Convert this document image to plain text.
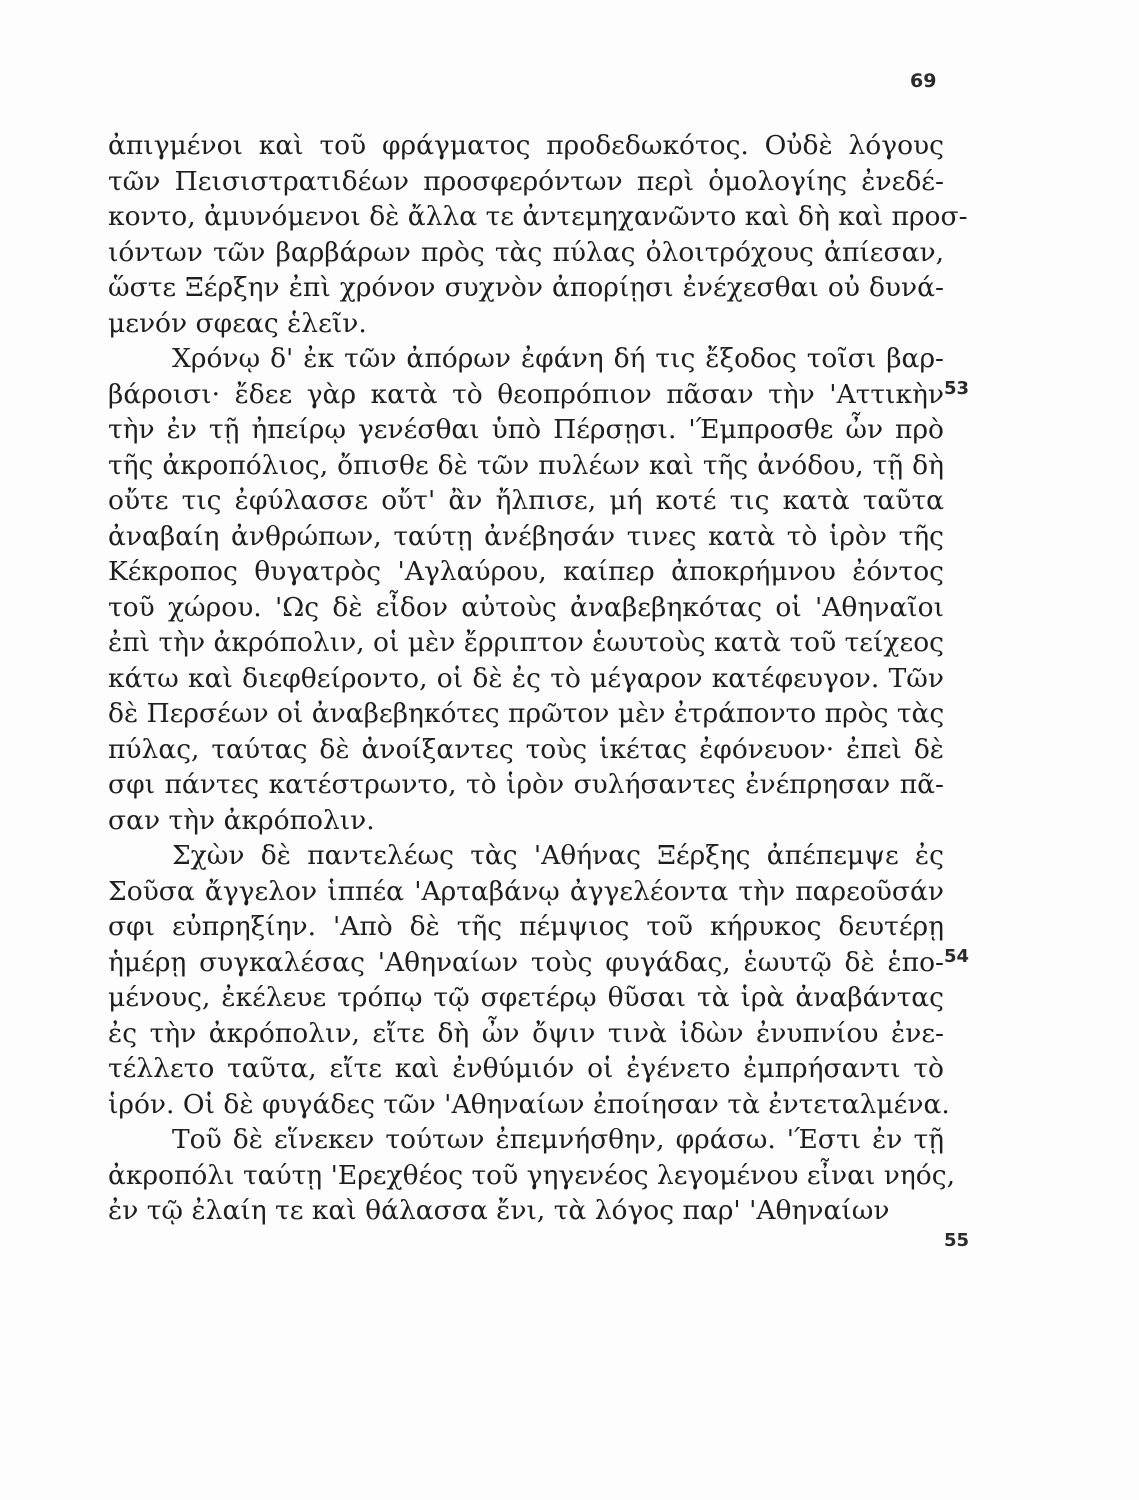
69
ἀπιγμένοι καὶ τοῦ φράγματος προδεδωκότος. Οὐδὲ λόγους
τῶν Πεισιστρατιδέων προσφερόντων περὶ ὁμολογίης ἐνεδέ-
κοντο, ἀμυνόμενοι δὲ ἄλλα τε ἀντεμηχανῶντο καὶ δὴ καὶ προσ-
ιόντων τῶν βαρβάρων πρὸς τὰς πύλας ὀλοιτρόχους ἀπίεσαν,
ὥστε Ξέρξην ἐπὶ χρόνον συχνὸν ἀπορίῃσι ἐνέχεσθαι οὐ δυνά-
μενόν σφεας ἑλεῖν.
Χρόνῳ δ' ἐκ τῶν ἀπόρων ἐφάνη δή τις ἔξοδος τοῖσι βαρ-
βάροισι· ἔδεε γὰρ κατὰ τὸ θεοπρόπιον πᾶσαν τὴν 'Αττικὴν
τὴν ἐν τῇ ἠπείρῳ γενέσθαι ὑπὸ Πέρσῃσι. 'Έμπροσθε ὦν πρὸ
τῆς ἀκροπόλιος, ὄπισθε δὲ τῶν πυλέων καὶ τῆς ἀνόδου, τῇ δὴ
οὔτε τις ἐφύλασσε οὔτ' ἂν ἤλπισε, μή κοτέ τις κατὰ ταῦτα
ἀναβαίη ἀνθρώπων, ταύτῃ ἀνέβησάν τινες κατὰ τὸ ἱρὸν τῆς
Κέκροπος θυγατρὸς 'Αγλαύρου, καίπερ ἀποκρήμνου ἐόντος
τοῦ χώρου. 'Ως δὲ εἶδον αὐτοὺς ἀναβεβηκότας οἱ 'Αθηναῖοι
ἐπὶ τὴν ἀκρόπολιν, οἱ μὲν ἔρριπτον ἑωυτοὺς κατὰ τοῦ τείχεος
κάτω καὶ διεφθείροντο, οἱ δὲ ἐς τὸ μέγαρον κατέφευγον. Τῶν
δὲ Περσέων οἱ ἀναβεβηκότες πρῶτον μὲν ἐτράποντο πρὸς τὰς
πύλας, ταύτας δὲ ἀνοίξαντες τοὺς ἱκέτας ἐφόνευον· ἐπεὶ δὲ
σφι πάντες κατέστρωντο, τὸ ἱρὸν συλήσαντες ἐνέπρησαν πᾶ-
σαν τὴν ἀκρόπολιν.
Σχὼν δὲ παντελέως τὰς 'Αθήνας Ξέρξης ἀπέπεμψε ἐς
Σοῦσα ἄγγελον ἱππέα 'Αρταβάνῳ ἀγγελέοντα τὴν παρεοῦσάν
σφι εὐπρηξίην. 'Απὸ δὲ τῆς πέμψιος τοῦ κήρυκος δευτέρῃ
ἡμέρῃ συγκαλέσας 'Αθηναίων τοὺς φυγάδας, ἑωυτῷ δὲ ἑπο-
μένους, ἐκέλευε τρόπῳ τῷ σφετέρῳ θῦσαι τὰ ἱρὰ ἀναβάντας
ἐς τὴν ἀκρόπολιν, εἴτε δὴ ὦν ὄψιν τινὰ ἰδὼν ἐνυπνίου ἐνε-
τέλλετο ταῦτα, εἴτε καὶ ἐνθύμιόν οἱ ἐγένετο ἐμπρήσαντι τὸ
ἱρόν. Οἱ δὲ φυγάδες τῶν 'Αθηναίων ἐποίησαν τὰ ἐντεταλμένα.
Τοῦ δὲ εἵνεκεν τούτων ἐπεμνήσθην, φράσω. 'Έστι ἐν τῇ
ἀκροπόλι ταύτῃ 'Ερεχθέος τοῦ γηγενέος λεγομένου εἶναι νηός,
ἐν τῷ ἐλαίη τε καὶ θάλασσα ἔνι, τὰ λόγος παρ' 'Αθηναίων
53
54
55
